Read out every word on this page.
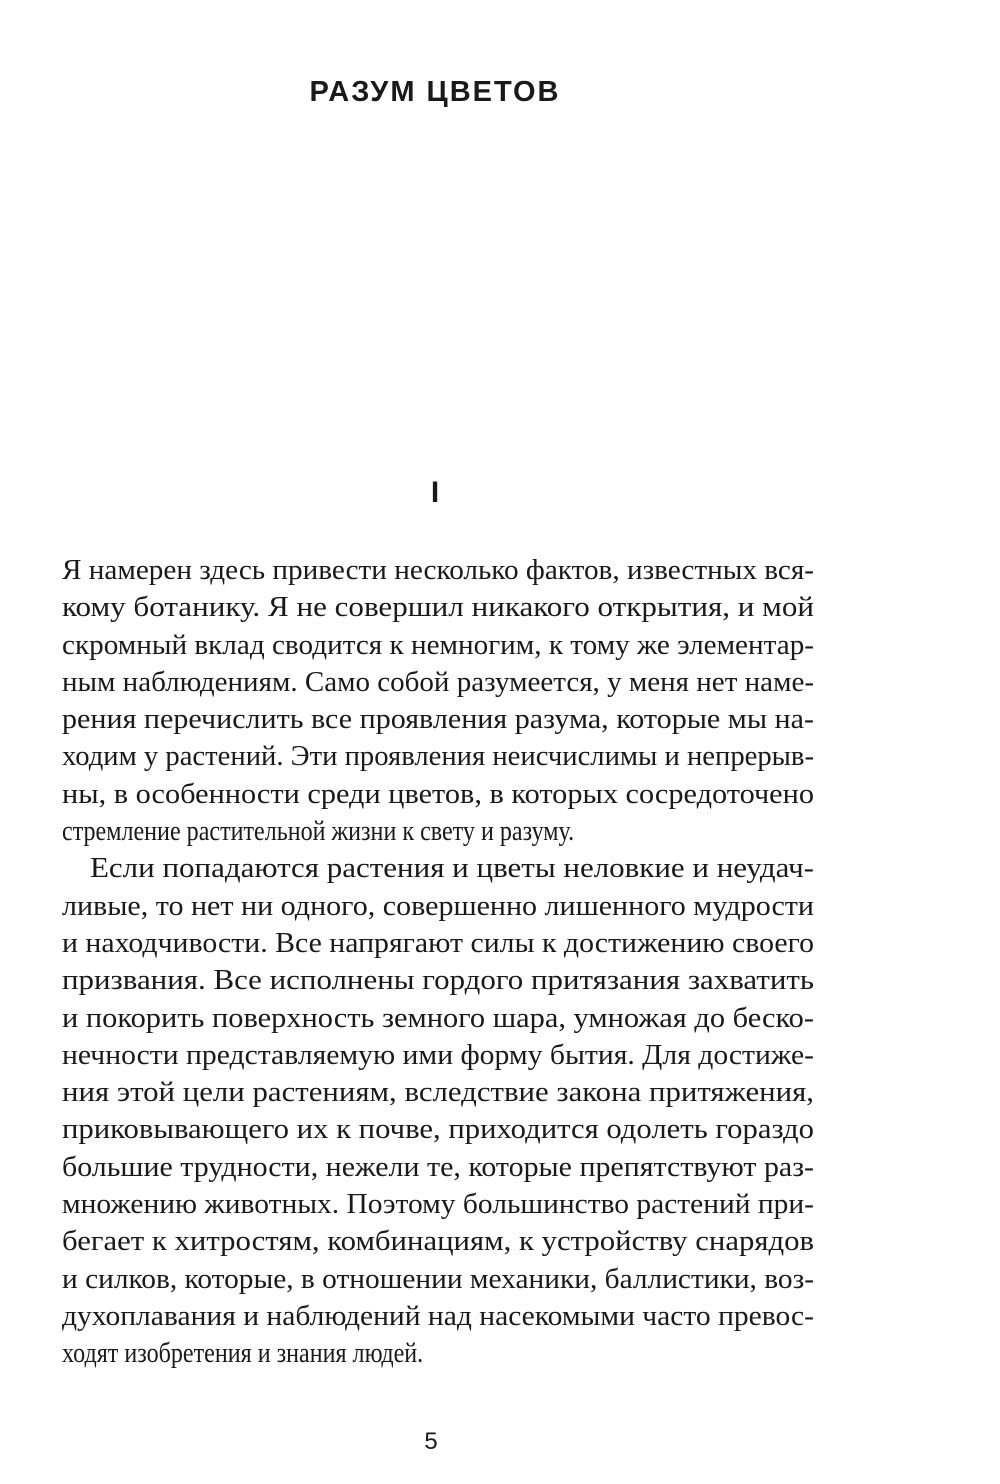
РАЗУМ ЦВЕТОВ
I
Я намерен здесь привести несколько фактов, известных вся-
кому ботанику. Я не совершил никакого открытия, и мой
скромный вклад сводится к немногим, к тому же элементар-
ным наблюдениям. Само собой разумеется, у меня нет наме-
рения перечислить все проявления разума, которые мы на-
ходим у растений. Эти проявления неисчислимы и непрерыв-
ны, в особенности среди цветов, в которых сосредоточено
стремление растительной жизни к свету и разуму.
Если попадаются растения и цветы неловкие и неудач-
ливые, то нет ни одного, совершенно лишенного мудрости
и находчивости. Все напрягают силы к достижению своего
призвания. Все исполнены гордого притязания захватить
и покорить поверхность земного шара, умножая до беско-
нечности представляемую ими форму бытия. Для достиже-
ния этой цели растениям, вследствие закона притяжения,
приковывающего их к почве, приходится одолеть гораздо
большие трудности, нежели те, которые препятствуют раз-
множению животных. Поэтому большинство растений при-
бегает к хитростям, комбинациям, к устройству снарядов
и силков, которые, в отношении механики, баллистики, воз-
духоплавания и наблюдений над насекомыми часто превос-
ходят изобретения и знания людей.
5
